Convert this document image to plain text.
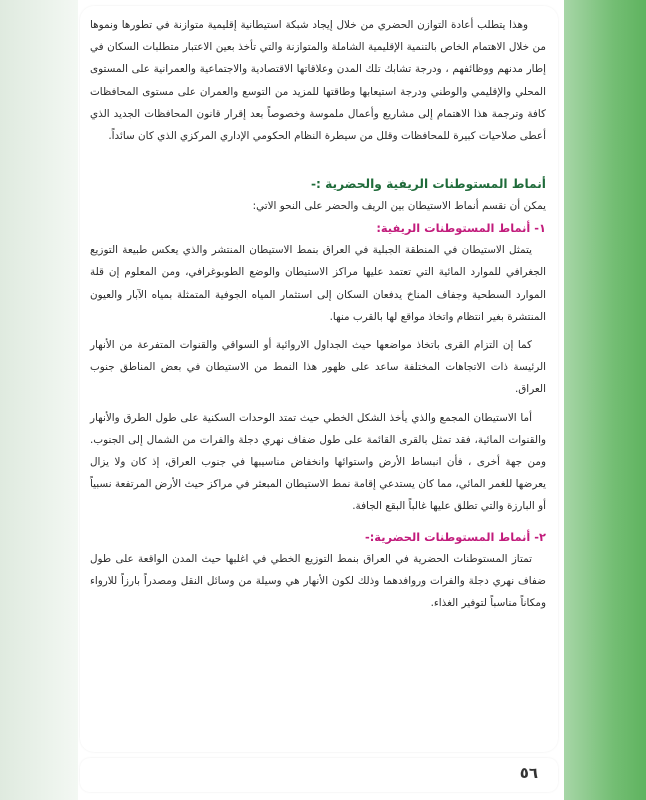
وهذا يتطلب أعادة التوازن الحضري من خلال إيجاد شبكة استيطانية إقليمية متوازنة في تطورها ونموها من خلال الاهتمام الخاص بالتنمية الإقليمية الشاملة والمتوازنة والتي تأخذ بعين الاعتبار متطلبات السكان في إطار مدنهم ووظائفهم ، ودرجة تشابك تلك المدن وعلاقاتها الاقتصادية والاجتماعية والعمرانية على المستوى المحلي والإقليمي والوطني ودرجة استيعابها وطاقتها للمزيد من التوسع والعمران على مستوى المحافظات كافة وترجمة هذا الاهتمام إلى مشاريع وأعمال ملموسة وخصوصاً بعد إقرار قانون المحافظات الجديد الذي أعطى صلاحيات كبيرة للمحافظات وقلل من سيطرة النظام الحكومي الإداري المركزي الذي كان سائداً.

أنماط المستوطنات الريفية والحضرية :-

يمكن أن نقسم أنماط الاستيطان بين الريف والحضر على النحو الاتي:

١- أنماط المستوطنات الريفية:

يتمثل الاستيطان في المنطقة الجبلية في العراق بنمط الاستيطان المنتشر والذي يعكس طبيعة التوزيع الجغرافي للموارد المائية التي تعتمد عليها مراكز الاستيطان والوضع الطوبوغرافي، ومن المعلوم إن قلة الموارد السطحية وجفاف المناخ يدفعان السكان إلى استثمار المياه الجوفية المتمثلة بمياه الآبار والعيون المنتشرة بغير انتظام واتخاذ مواقع لها بالقرب منها.

كما إن التزام القرى باتخاذ مواضعها حيث الجداول الاروائية أو السواقي والقنوات المتفرعة من الأنهار الرئيسة ذات الاتجاهات المختلفة ساعد على ظهور هذا النمط من الاستيطان في بعض المناطق جنوب العراق.

أما الاستيطان المجمع والذي يأخذ الشكل الخطي حيث تمتد الوحدات السكنية على طول الطرق والأنهار والقنوات المائية، فقد تمثل بالقرى القائمة على طول ضفاف نهري دجلة والفرات من الشمال إلى الجنوب. ومن جهة أخرى ، فأن انبساط الأرض واستوائها وانخفاض مناسيبها في جنوب العراق، إذ كان ولا يزال يعرضها للغمر المائي، مما كان يستدعي إقامة نمط الاستيطان المبعثر في مراكز حيث الأرض المرتفعة نسبياً أو البارزة والتي تطلق عليها غالباً البقع الجافة.

٢- أنماط المستوطنات الحضرية:-

تمتاز المستوطنات الحضرية في العراق بنمط التوزيع الخطي في اغلبها حيث المدن الواقعة على طول ضفاف نهري دجلة والفرات وروافدهما وذلك لكون الأنهار هي وسيلة من وسائل النقل ومصدراً بارزاً للارواء ومكاناً مناسباً لتوفير الغذاء.

٥٦
